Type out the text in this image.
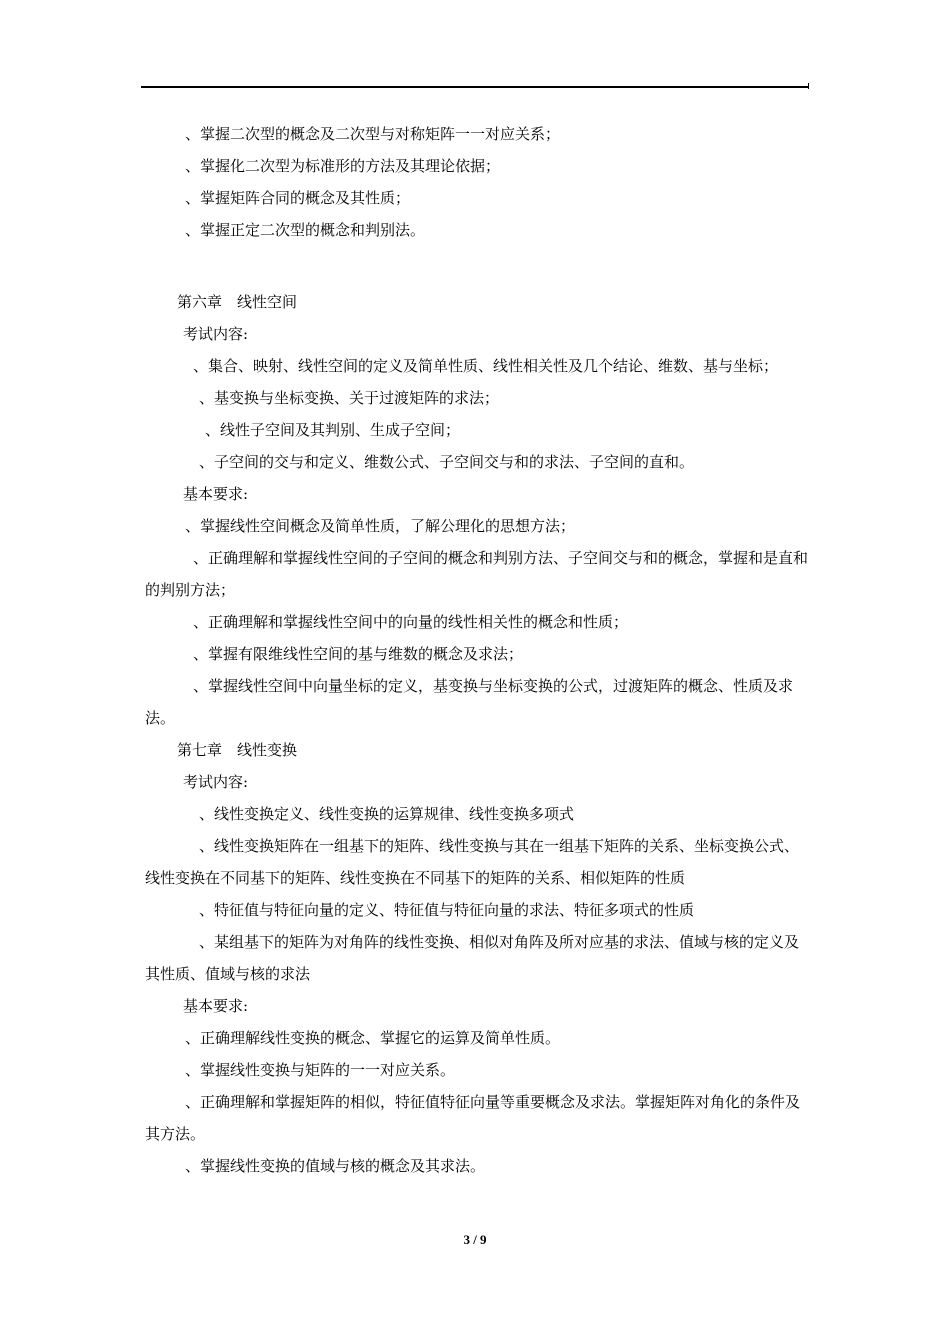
、掌握二次型的概念及二次型与对称矩阵一一对应关系；

、掌握化二次型为标准形的方法及其理论依据；

、掌握矩阵合同的概念及其性质；

、掌握正定二次型的概念和判别法。

第六章　线性空间

考试内容:

、集合、映射、线性空间的定义及简单性质、线性相关性及几个结论、维数、基与坐标；

、基变换与坐标变换、关于过渡矩阵的求法；

、线性子空间及其判别、生成子空间；

、子空间的交与和定义、维数公式、子空间交与和的求法、子空间的直和。

基本要求:

、掌握线性空间概念及简单性质，了解公理化的思想方法；

、正确理解和掌握线性空间的子空间的概念和判别方法、子空间交与和的概念，掌握和是直和的判别方法；

、正确理解和掌握线性空间中的向量的线性相关性的概念和性质；

、掌握有限维线性空间的基与维数的概念及求法；

、掌握线性空间中向量坐标的定义，基变换与坐标变换的公式，过渡矩阵的概念、性质及求法。

第七章　线性变换

考试内容:

、线性变换定义、线性变换的运算规律、线性变换多项式

、线性变换矩阵在一组基下的矩阵、线性变换与其在一组基下矩阵的关系、坐标变换公式、线性变换在不同基下的矩阵、线性变换在不同基下的矩阵的关系、相似矩阵的性质

、特征值与特征向量的定义、特征值与特征向量的求法、特征多项式的性质

、某组基下的矩阵为对角阵的线性变换、相似对角阵及所对应基的求法、值域与核的定义及其性质、值域与核的求法

基本要求:

、正确理解线性变换的概念、掌握它的运算及简单性质。

、掌握线性变换与矩阵的一一对应关系。

、正确理解和掌握矩阵的相似，特征值特征向量等重要概念及求法。掌握矩阵对角化的条件及其方法。

、掌握线性变换的值域与核的概念及其求法。

3 / 9
